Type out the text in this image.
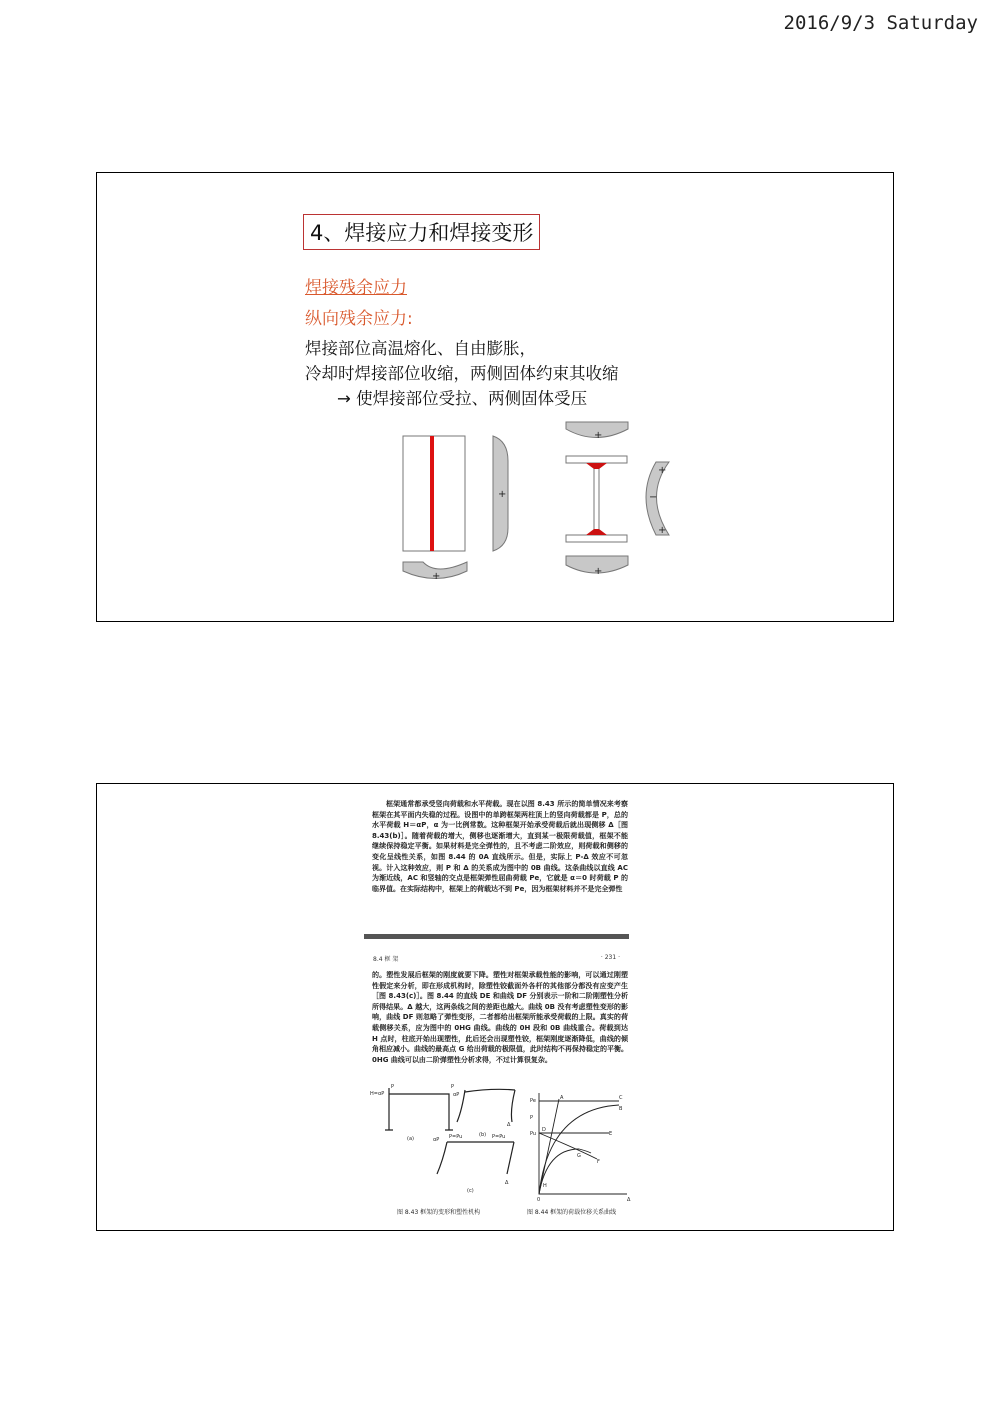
2016/9/3 Saturday
4、焊接应力和焊接变形
焊接残余应力
纵向残余应力:
焊接部位高温熔化、自由膨胀，
冷却时焊接部位收缩，两侧固体约束其收缩
→ 使焊接部位受拉、两侧固体受压
+
+
+
+
+
+
−
框架通常都承受竖向荷载和水平荷载。现在以图 8.43 所示的简单情况来考察框架在其平面内失稳的过程。设图中的单跨框架两柱顶上的竖向荷载都是 P，总的水平荷载 H＝αP，α 为一比例常数。这种框架开始承受荷载后就出现侧移 Δ［图 8.43(b)］。随着荷载的增大，侧移也逐渐增大，直到某一极限荷载值，框架不能继续保持稳定平衡。如果材料是完全弹性的，且不考虑二阶效应，则荷载和侧移的变化呈线性关系，如图 8.44 的 0A 直线所示。但是，实际上 P-Δ 效应不可忽视。计入这种效应，则 P 和 Δ 的关系成为图中的 0B 曲线。这条曲线以直线 AC 为渐近线，AC 和竖轴的交点是框架弹性屈曲荷载 Pe，它就是 α＝0 时荷载 P 的临界值。在实际结构中，框架上的荷载达不到 Pe，因为框架材料并不是完全弹性
8.4 框 架	· 231 ·
的。塑性发展后框架的刚度就要下降。塑性对框架承载性能的影响，可以通过刚塑性假定来分析，即在形成机构时，除塑性铰截面外各杆的其他部分都没有应变产生［图 8.43(c)］。图 8.44 的直线 DE 和曲线 DF 分别表示一阶和二阶刚塑性分析所得结果。Δ 越大，这两条线之间的差距也越大。曲线 0B 没有考虑塑性变形的影响，曲线 DF 则忽略了弹性变形，二者都给出框架所能承受荷载的上限。真实的荷载侧移关系，应为图中的 0HG 曲线。曲线的 0H 段和 0B 曲线重合。荷载到达 H 点时，柱底开始出现塑性，此后还会出现塑性铰，框架刚度逐渐降低，曲线的倾角相应减小。曲线的最高点 G 给出荷载的极限值，此时结构不再保持稳定的平衡。0HG 曲线可以由二阶弹塑性分析求得，不过计算很复杂。
P
H=αP
P
(a)
(b)
αP
Δ
αP P=Pu	P=Pu
(c)
Δ
Pe
P
Pu
0	Δ
A	C
B
D
E
F
G
H
图 8.43 框架的变形和塑性机构	图 8.44 框架的荷载位移关系曲线
